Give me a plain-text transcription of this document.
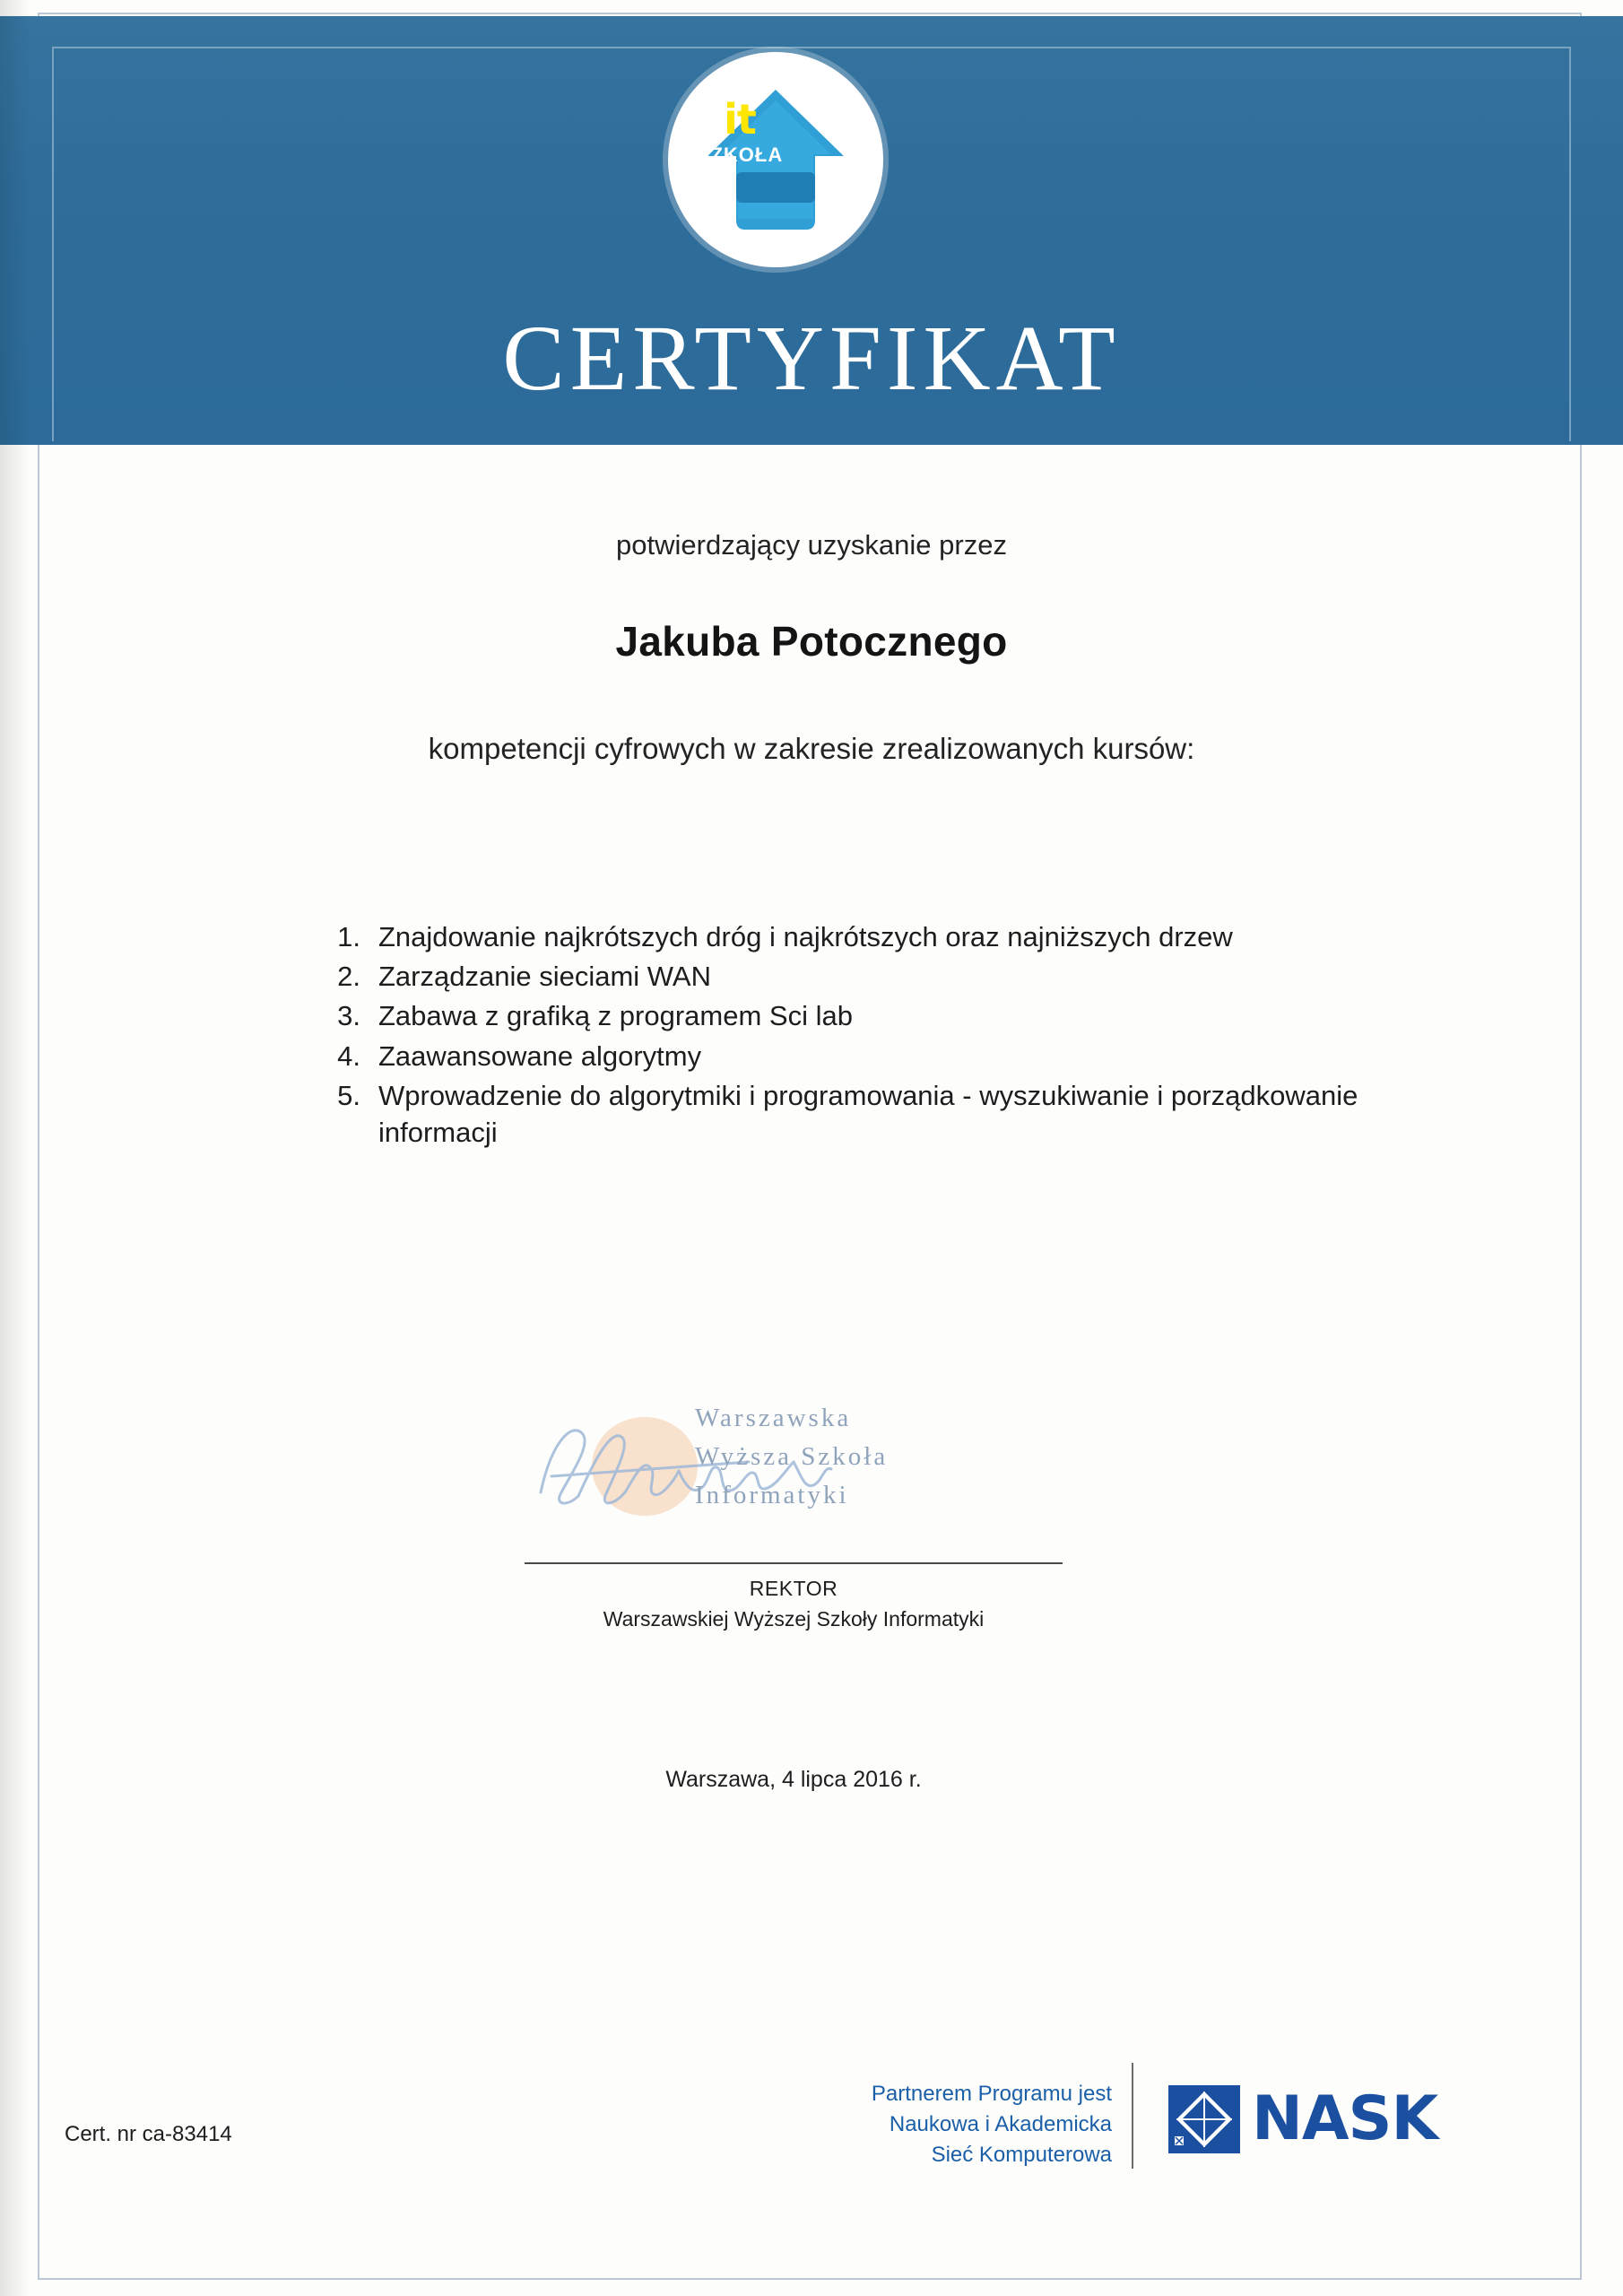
it
SZKOŁA
CERTYFIKAT
potwierdzający uzyskanie przez
Jakuba Potocznego
kompetencji cyfrowych w zakresie zrealizowanych kursów:
1. Znajdowanie najkrótszych dróg i najkrótszych oraz najniższych drzew
2. Zarządzanie sieciami WAN
3. Zabawa z grafiką z programem Sci lab
4. Zaawansowane algorytmy
5. Wprowadzenie do algorytmiki i programowania - wyszukiwanie i porządkowanie informacji
Warszawska
Wyższa Szkoła
Informatyki
REKTOR
Warszawskiej Wyższej Szkoły Informatyki
Warszawa, 4 lipca 2016 r.
Partnerem Programu jest
Naukowa i Akademicka
Sieć Komputerowa
NASK
Cert. nr ca-83414
